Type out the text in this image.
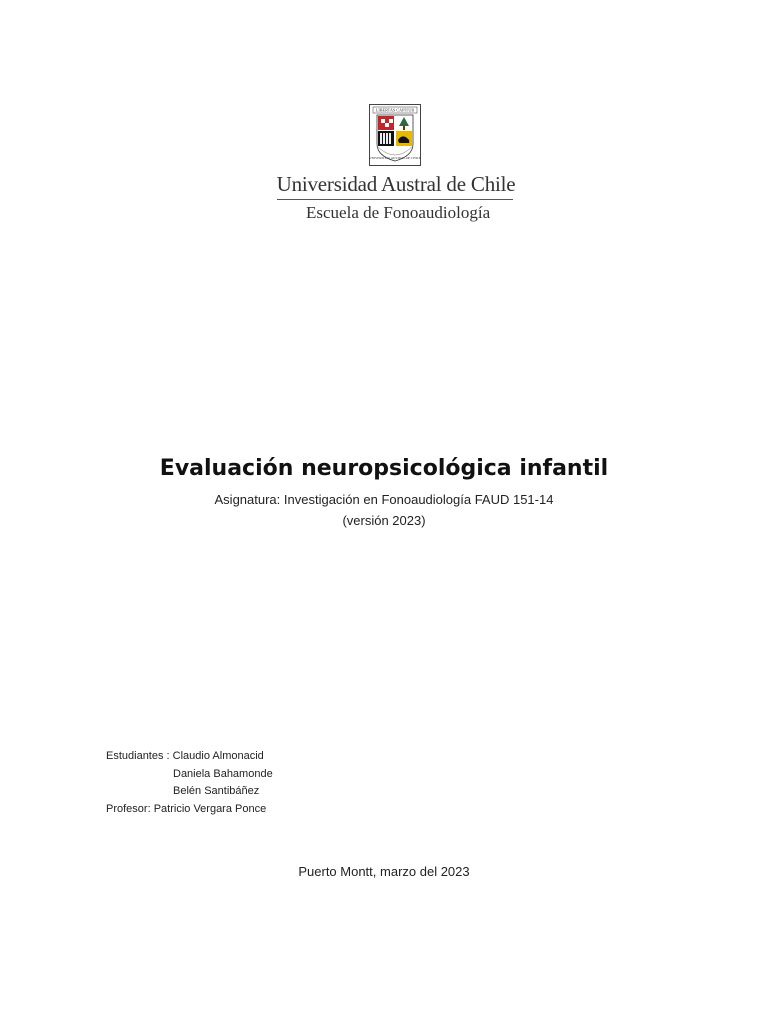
LIBERTAS CAPITUR
UNIVERSITAS AUSTRAL DE CHILE
Universidad Austral de Chile
Escuela de Fonoaudiología
Evaluación neuropsicológica infantil
Asignatura: Investigación en Fonoaudiología FAUD 151-14
(versión 2023)
Estudiantes : Claudio Almonacid
Daniela Bahamonde
Belén Santibáñez
Profesor: Patricio Vergara Ponce
Puerto Montt, marzo del 2023
